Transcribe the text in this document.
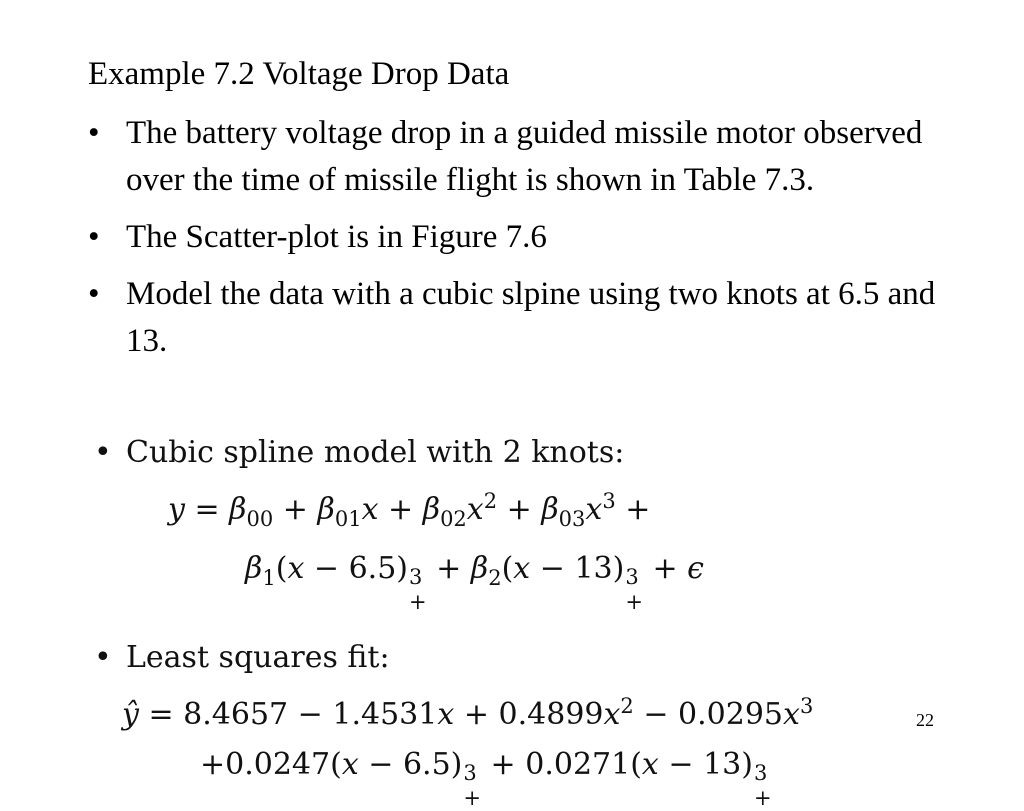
Example 7.2 Voltage Drop Data
• The battery voltage drop in a guided missile motor observed over the time of missile flight is shown in Table 7.3.
• The Scatter-plot is in Figure 7.6
• Model the data with a cubic slpine using two knots at 6.5 and 13.
• Cubic spline model with 2 knots:
$y = \beta_{00} + \beta_{01}x + \beta_{02}x^2 + \beta_{03}x^3$ +
$\beta_1(x - 6.5)$ 3
+
+ $\beta_2(x - 13)$ 3
+
+ ϵ
• Least squares fit:
ŷ = $8.4657 - 1.4531x + 0.4899x^2 - 0.0295x^3$
+0.0247(x − 6.5) 3
+
+ 0.0271(x − 13) 3
+
22
